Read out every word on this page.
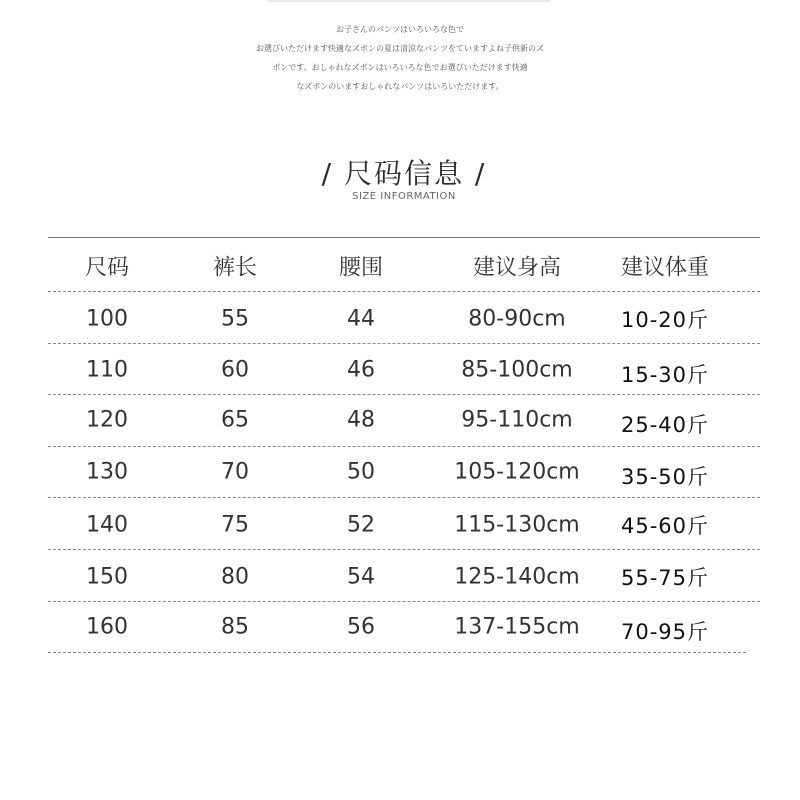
お子さんのパンツはいろいろな色で
お選びいただけます快適なズボンの夏は清涼なパンツをていますよね子供新のズ
ボンです。おしゃれなズボンはいろいろな色でお選びいただけます快適
なズボンのいますおしゃれなパンツはいろいただけます。
/ 尺码信息 /
SIZE INFORMATION
尺码	裤长	腰围	建议身高	建议体重
100	55	44	80-90cm	10-20斤
110	60	46	85-100cm 15-30斤
120	65	48	95-110cm 25-40斤
130	70	50	105-120cm 35-50斤
140	75	52	115-130cm 45-60斤
150	80	54	125-140cm 55-75斤
160	85	56	137-155cm 70-95斤
